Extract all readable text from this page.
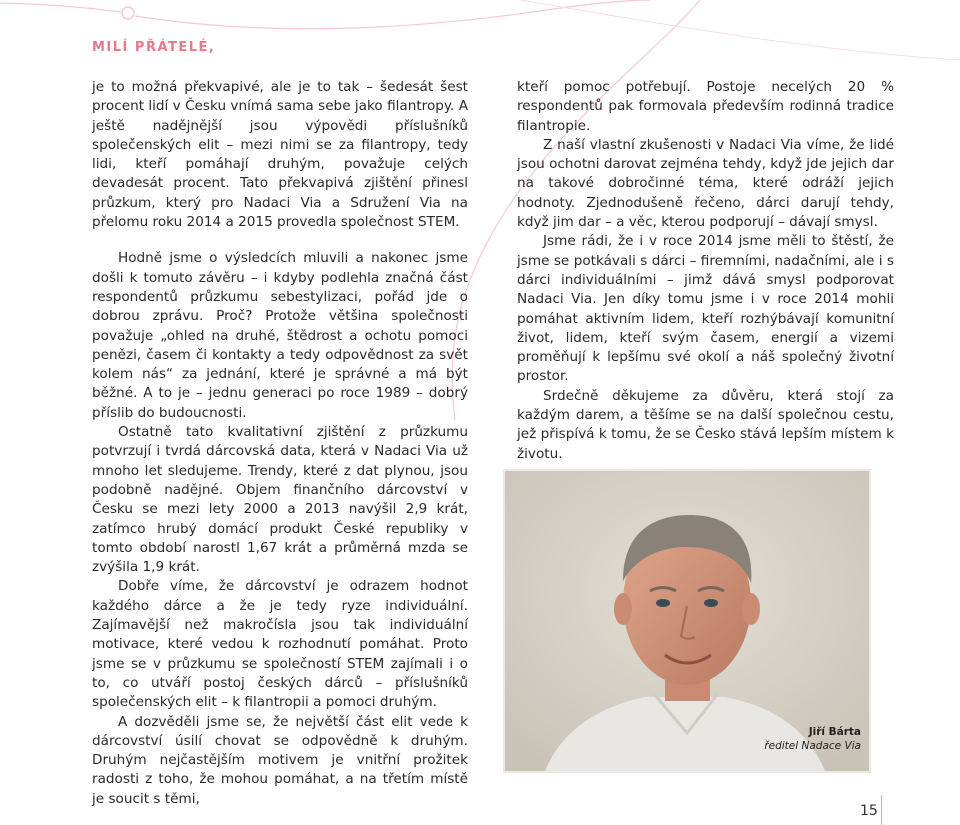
MILÍ PŘÁTELÉ,

je to možná překvapivé, ale je to tak – šedesát šest procent lidí v Česku vnímá sama sebe jako filantropy. A ještě nadějnější jsou výpovědi příslušníků společenských elit – mezi nimi se za filantropy, tedy lidi, kteří pomáhají druhým, považuje celých devadesát procent. Tato překvapivá zjištění přinesl průzkum, který pro Nadaci Via a Sdružení Via na přelomu roku 2014 a 2015 provedla společnost STEM.

Hodně jsme o výsledcích mluvili a nakonec jsme došli k tomuto závěru – i kdyby podlehla značná část respondentů průzkumu sebestylizaci, pořád jde o dobrou zprávu. Proč? Protože většina společnosti považuje „ohled na druhé, štědrost a ochotu pomoci penězi, časem či kontakty a tedy odpovědnost za svět kolem nás“ za jednání, které je správné a má být běžné. A to je – jednu generaci po roce 1989 – dobrý příslib do budoucnosti.

Ostatně tato kvalitativní zjištění z průzkumu potvrzují i tvrdá dárcovská data, která v Nadaci Via už mnoho let sledujeme. Trendy, které z dat plynou, jsou podobně nadějné. Objem finančního dárcovství v Česku se mezi lety 2000 a 2013 navýšil 2,9 krát, zatímco hrubý domácí produkt České republiky v tomto období narostl 1,67 krát a průměrná mzda se zvýšila 1,9 krát.

Dobře víme, že dárcovství je odrazem hodnot každého dárce a že je tedy ryze individuální. Zajímavější než makročísla jsou tak individuální motivace, které vedou k rozhodnutí pomáhat. Proto jsme se v průzkumu se společností STEM zajímali i o to, co utváří postoj českých dárců – příslušníků společenských elit – k filantropii a pomoci druhým.

A dozvěděli jsme se, že největší část elit vede k dárcovství úsilí chovat se odpovědně k druhým. Druhým nejčastějším motivem je vnitřní prožitek radosti z toho, že mohou pomáhat, a na třetím místě je soucit s těmi,

kteří pomoc potřebují. Postoje necelých 20 % respondentů pak formovala především rodinná tradice filantropie.

Z naší vlastní zkušenosti v Nadaci Via víme, že lidé jsou ochotni darovat zejména tehdy, když jde jejich dar na takové dobročinné téma, které odráží jejich hodnoty. Zjednodušeně řečeno, dárci darují tehdy, když jim dar – a věc, kterou podporují – dávají smysl.

Jsme rádi, že i v roce 2014 jsme měli to štěstí, že jsme se potkávali s dárci – firemními, nadačními, ale i s dárci individuálními – jimž dává smysl podporovat Nadaci Via. Jen díky tomu jsme i v roce 2014 mohli pomáhat aktivním lidem, kteří rozhýbávají komunitní život, lidem, kteří svým časem, energií a vizemi proměňují k lepšímu své okolí a náš společný životní prostor.

Srdečně děkujeme za důvěru, která stojí za každým darem, a těšíme se na další společnou cestu, jež přispívá k tomu, že se Česko stává lepším místem k životu.

Jiří Bárta
ředitel Nadace Via
15
